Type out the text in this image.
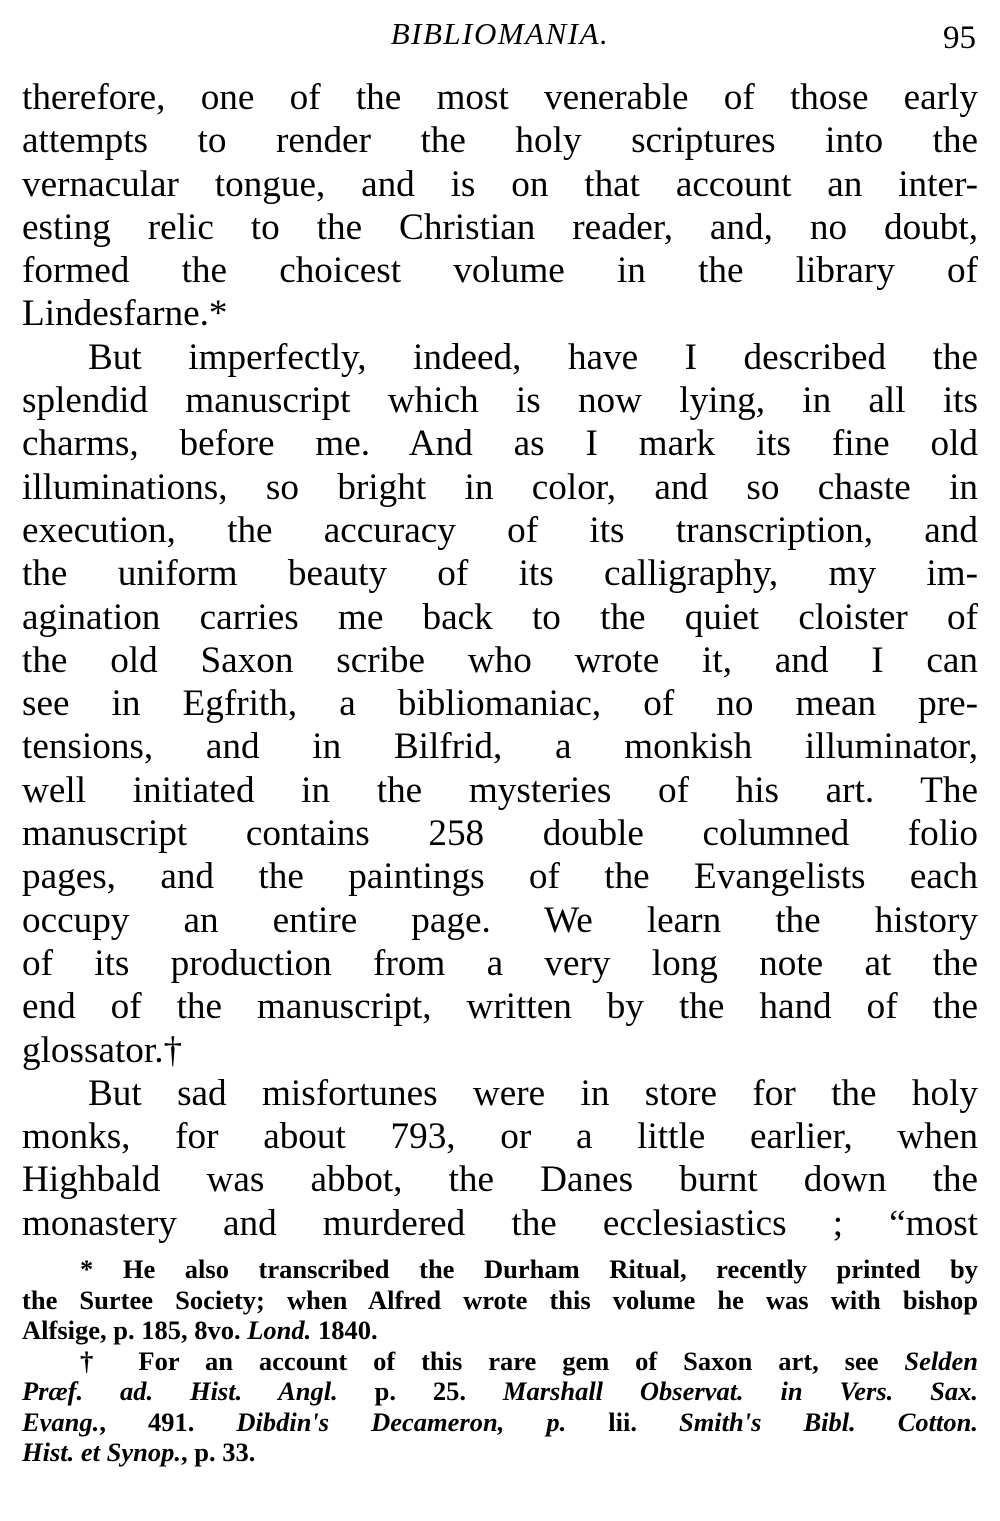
BIBLIOMANIA.	95
therefore, one of the most venerable of those early
attempts to render the holy scriptures into the
vernacular tongue, and is on that account an inter-
esting relic to the Christian reader, and, no doubt,
formed the choicest volume in the library of
Lindesfarne.*
But imperfectly, indeed, have I described the
splendid manuscript which is now lying, in all its
charms, before me. And as I mark its fine old
illuminations, so bright in color, and so chaste in
execution, the accuracy of its transcription, and
the uniform beauty of its calligraphy, my im-
agination carries me back to the quiet cloister of
the old Saxon scribe who wrote it, and I can
see in Egfrith, a bibliomaniac, of no mean pre-
tensions, and in Bilfrid, a monkish illuminator,
well initiated in the mysteries of his art. The
manuscript contains 258 double columned folio
pages, and the paintings of the Evangelists each
occupy an entire page. We learn the history
of its production from a very long note at the
end of the manuscript, written by the hand of the
glossator.†
But sad misfortunes were in store for the holy
monks, for about 793, or a little earlier, when
Highbald was abbot, the Danes burnt down the
monastery and murdered the ecclesiastics ; “most
* He also transcribed the Durham Ritual, recently printed by
the Surtee Society; when Alfred wrote this volume he was with bishop
Alfsige, p. 185, 8vo. Lond. 1840.
† For an account of this rare gem of Saxon art, see Selden
Præf. ad. Hist. Angl. p. 25. Marshall Observat. in Vers. Sax.
Evang., 491. Dibdin's Decameron, p. lii. Smith's Bibl. Cotton.
Hist. et Synop., p. 33.
